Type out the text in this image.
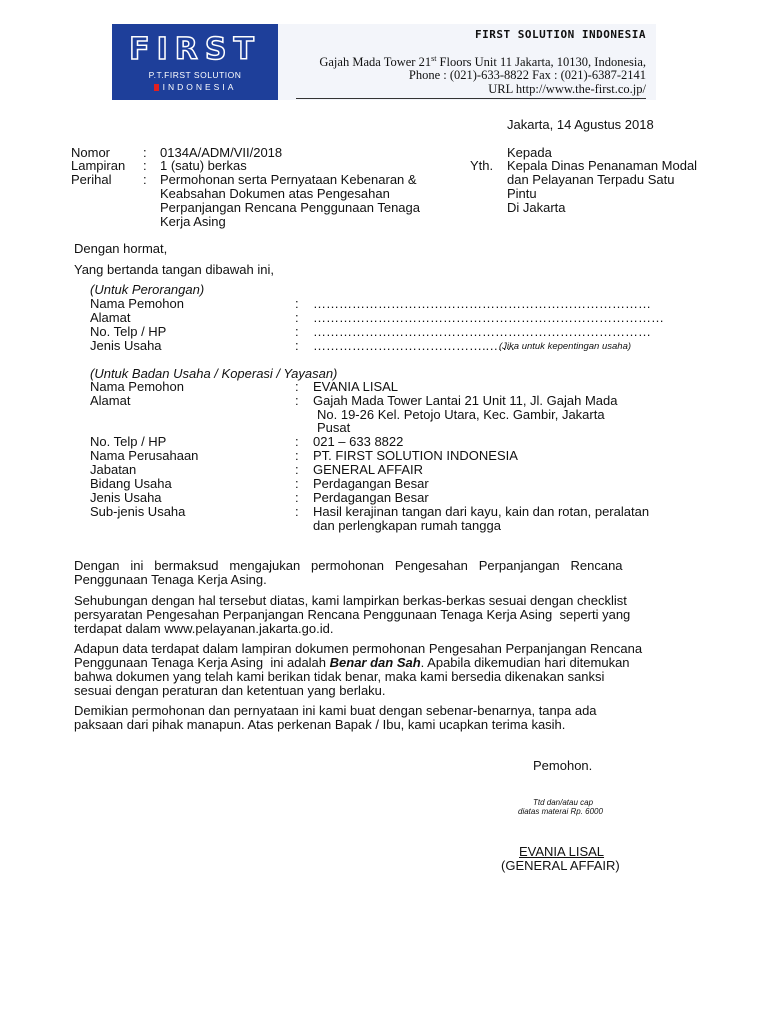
FIRST
P.T.FIRST SOLUTION
INDONESIA
FIRST SOLUTION INDONESIA
Gajah Mada Tower 21st Floors Unit 11 Jakarta, 10130, Indonesia,
Phone : (021)-633-8822 Fax : (021)-6387-2141
URL http://www.the-first.co.jp/
Jakarta, 14 Agustus 2018
Nomor	: 0134A/ADM/VII/2018
Lampiran : 1 (satu) berkas
Perihal : Permohonan serta Pernyataan Kebenaran &
Keabsahan Dokumen atas Pengesahan
Perpanjangan Rencana Penggunaan Tenaga
Kerja Asing
Kepada
Yth. Kepala Dinas Penanaman Modal
dan Pelayanan Terpadu Satu
Pintu
Di Jakarta
Dengan hormat,
Yang bertanda tangan dibawah ini,
(Untuk Perorangan)
Nama Pemohon	: ……………………………………………………………………
Alamat	: ………………………………………………………………………
No. Telp / HP	: ……………………………………………………………………
Jenis Usaha	: …………………………………..……
(Jika untuk kepentingan usaha)
(Untuk Badan Usaha / Koperasi / Yayasan)
Nama Pemohon	: EVANIA LISAL
Alamat	: Gajah Mada Tower Lantai 21 Unit 11, Jl. Gajah Mada
No. 19-26 Kel. Petojo Utara, Kec. Gambir, Jakarta
Pusat
No. Telp / HP	: 021 – 633 8822
Nama Perusahaan	: PT. FIRST SOLUTION INDONESIA
Jabatan	: GENERAL AFFAIR
Bidang Usaha	: Perdagangan Besar
Jenis Usaha	: Perdagangan Besar
Sub-jenis Usaha	: Hasil kerajinan tangan dari kayu, kain dan rotan, peralatan
dan perlengkapan rumah tangga
Dengan   ini   bermaksud   mengajukan   permohonan   Pengesahan   Perpanjangan   Rencana
Penggunaan Tenaga Kerja Asing.
Sehubungan dengan hal tersebut diatas, kami lampirkan berkas-berkas sesuai dengan checklist
persyaratan Pengesahan Perpanjangan Rencana Penggunaan Tenaga Kerja Asing  seperti yang
terdapat dalam www.pelayanan.jakarta.go.id.
Adapun data terdapat dalam lampiran dokumen permohonan Pengesahan Perpanjangan Rencana
Penggunaan Tenaga Kerja Asing  ini adalah Benar dan Sah. Apabila dikemudian hari ditemukan
bahwa dokumen yang telah kami berikan tidak benar, maka kami bersedia dikenakan sanksi
sesuai dengan peraturan dan ketentuan yang berlaku.
Demikian permohonan dan pernyataan ini kami buat dengan sebenar-benarnya, tanpa ada
paksaan dari pihak manapun. Atas perkenan Bapak / Ibu, kami ucapkan terima kasih.
Pemohon.
Ttd dan/atau cap
diatas materai Rp. 6000
EVANIA LISAL
(GENERAL AFFAIR)
